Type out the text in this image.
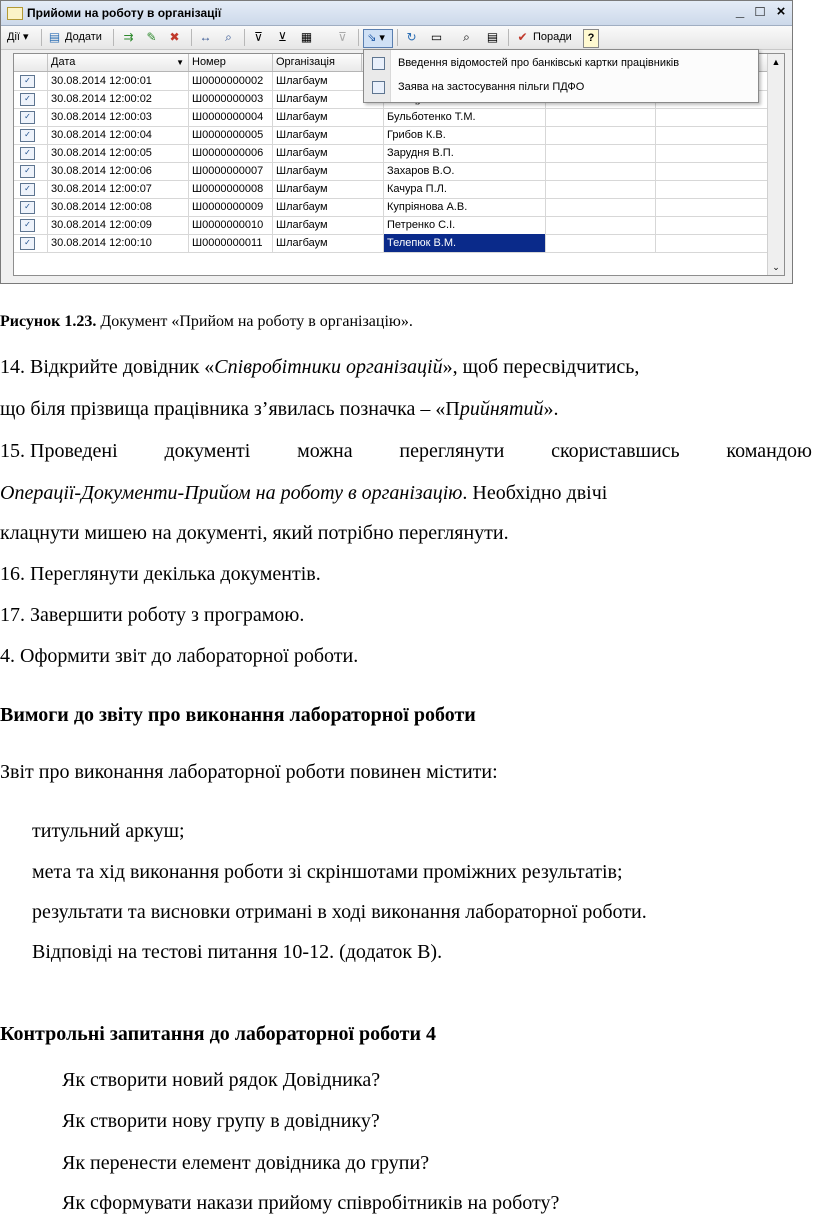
Прийоми на роботу в організації	_ □ ×
Дії ▾ ▤ Додати ⇉ ✎ ✖ ↔	⌕	⊽ ⊻ ▦ ⊽	⇘ ▾	↻ ▭	⌕	▤ ✔ Поради	?
Дата	▼ Номер	Організація
✓	30.08.2014 12:00:01	Ш0000000002	Шлагбаум
✓	30.08.2014 12:00:02	Ш0000000003	Шлагбаум
✓	30.08.2014 12:00:03	Ш0000000004	Шлагбаум	Бульботенко Т.М.
✓	30.08.2014 12:00:04	Ш0000000005	Шлагбаум	Грибов К.В.
✓	30.08.2014 12:00:05	Ш0000000006	Шлагбаум	Зарудня В.П.
✓	30.08.2014 12:00:06	Ш0000000007	Шлагбаум	Захаров В.О.
✓	30.08.2014 12:00:07	Ш0000000008	Шлагбаум	Качура П.Л.
✓	30.08.2014 12:00:08	Ш0000000009	Шлагбаум	Купріянова А.В.
✓	30.08.2014 12:00:09	Ш0000000010	Шлагбаум	Петренко С.І.
✓	30.08.2014 12:00:10	Ш0000000011	Шлагбаум	Телепюк В.М.
▲
⌄
Введення відомостей про банківські картки працівників
Заява на застосування пільги ПДФО
Рисунок 1.23. Документ «Прийом на роботу в організацію».
14. Відкрийте довідник «Співробітники організацій», щоб пересвідчитись,
що біля прізвища працівника з’явилась позначка – «Прийнятий».
15. Проведені документі можна переглянути скориставшись командою
Операції-Документи-Прийом на роботу в організацію. Необхідно двічі
клацнути мишею на документі, який потрібно переглянути.
16. Переглянути декілька документів.
17. Завершити роботу з програмою.
4. Оформити звіт до лабораторної роботи.
Вимоги до звіту про виконання лабораторної роботи
Звіт про виконання лабораторної роботи повинен містити:
титульний аркуш;
мета та хід виконання роботи зі скріншотами проміжних результатів;
результати та висновки отримані в ході виконання лабораторної роботи.
Відповіді на тестові питання 10-12. (додаток В).
Контрольні запитання до лабораторної роботи 4
Як створити новий рядок Довідника?
Як створити нову групу в довіднику?
Як перенести елемент довідника до групи?
Як сформувати накази прийому співробітників на роботу?
